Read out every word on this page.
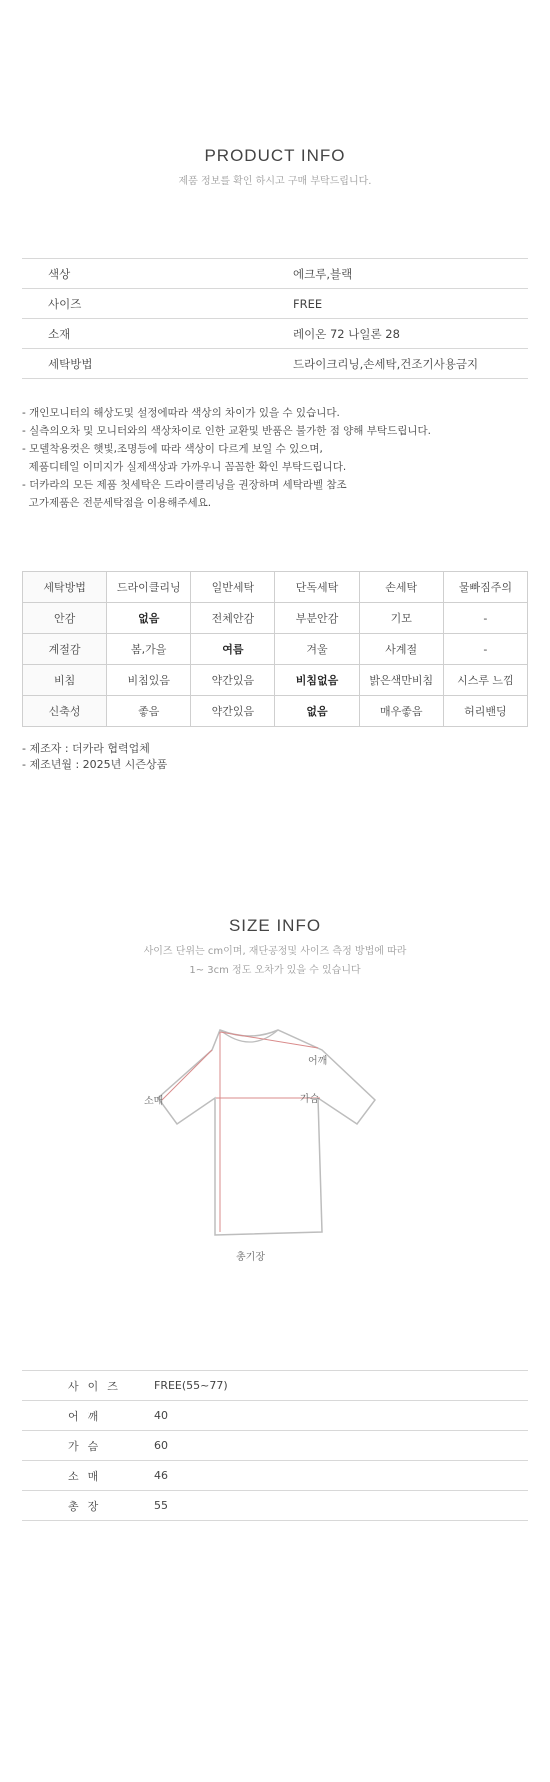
PRODUCT INFO
제품 정보를 확인 하시고 구매 부탁드립니다.
색상	에크루,블랙
사이즈	FREE
소재	레이온 72 나일론 28
세탁방법	드라이크리닝,손세탁,건조기사용금지
- 개인모니터의 해상도및 설정에따라 색상의 차이가 있을 수 있습니다.
- 실측의오차 및 모니터와의 색상차이로 인한 교환및 반품은 불가한 점 양해 부탁드립니다.
- 모델착용컷은 햇빛,조명등에 따라 색상이 다르게 보일 수 있으며,
제품디테일 이미지가 실제색상과 가까우니 꼼꼼한 확인 부탁드립니다.
- 더카라의 모든 제품 첫세탁은 드라이클리닝을 권장하며 세탁라벨 참조
고가제품은 전문세탁점을 이용해주세요.
세탁방법	드라이클리닝	일반세탁	단독세탁	손세탁	물빠짐주의
안감	없음	전체안감	부분안감	기모	-
계절감	봄,가을	여름	겨울	사계절	-
비침	비침있음	약간있음	비침없음	밝은색만비침	시스루 느낌
신축성	좋음	약간있음	없음	매우좋음	허리밴딩
- 제조자 : 더카라 협력업체
- 제조년월 : 2025년 시즌상품
SIZE INFO
사이즈 단위는 cm이며, 재단공정및 사이즈 측정 방법에 따라
1~ 3cm 정도 오차가 있을 수 있습니다
어깨
가슴
소매
총기장
사이즈	FREE(55~77)
어깨	40
가슴	60
소매	46
총장	55
